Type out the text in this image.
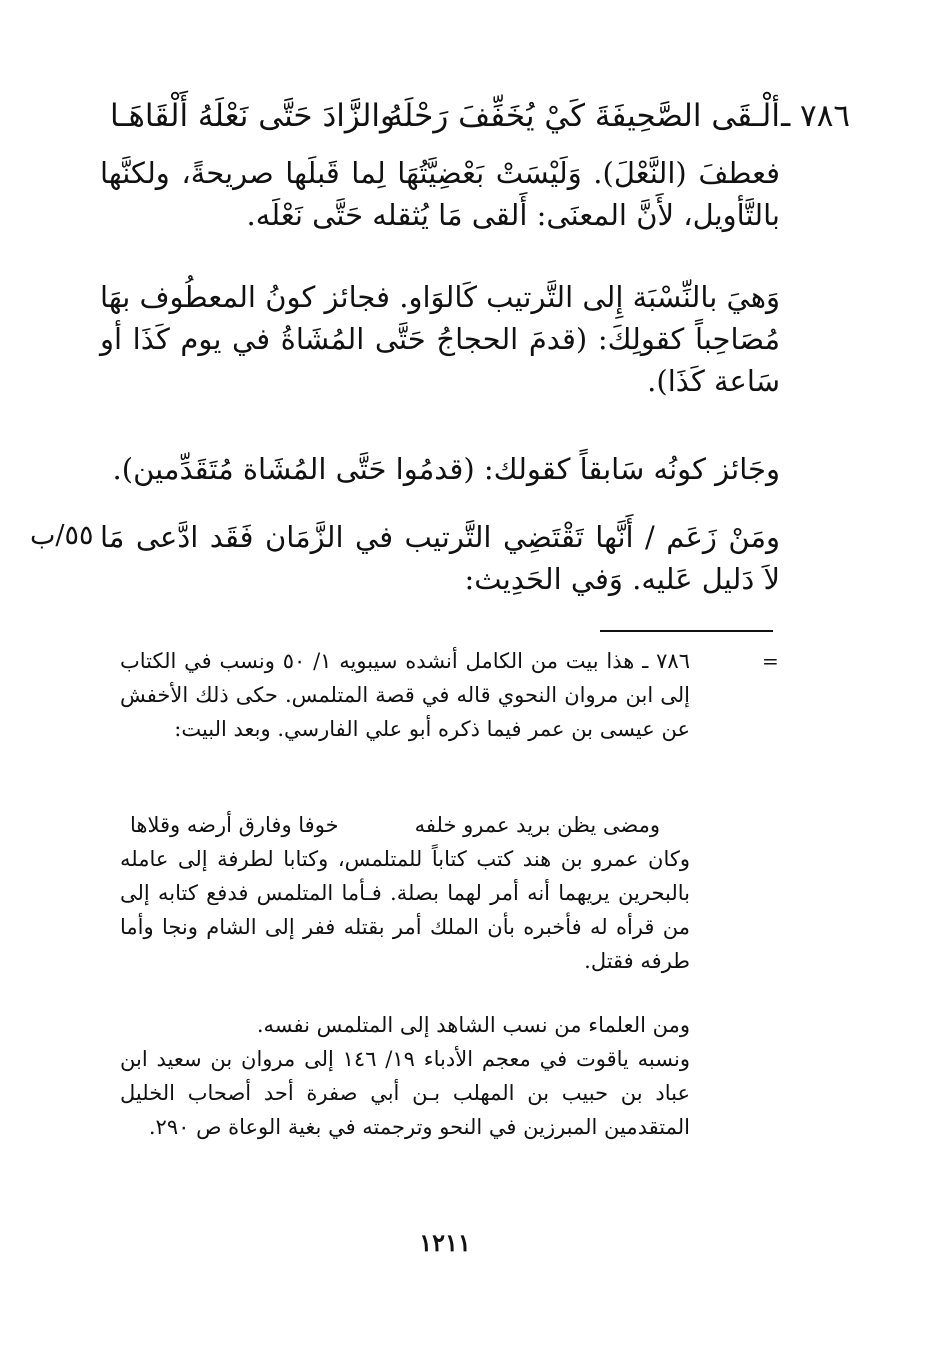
٧٨٦ ـ
ألْـقَى الصَّحِيفَةَ كَيْ يُخَفِّفَ رَحْلَهُ
والزَّادَ حَتَّى نَعْلَهُ أَلْقَاهَـا
فعطفَ (النَّعْلَ). وَلَيْسَتْ بَعْضِيَّتُهَا لِما قَبلَها صريحةً، ولكنَّها بالتَّأويل، لأَنَّ المعنَى: أَلقى مَا يُثقله حَتَّى نَعْلَه.
وَهيَ بالنِّسْبَة إِلى التَّرتيب كَالوَاو. فجائز كونُ المعطُوف بهَا مُصَاحِباً كقولِكَ: (قدمَ الحجاجُ حَتَّى المُشَاةُ في يوم كَذَا أو سَاعة كَذَا).
وجَائز كونُه سَابقاً كقولك: (قدمُوا حَتَّى المُشَاة مُتَقَدِّمين).
ومَنْ زَعَم / أَنَّها تَقْتَضِي التَّرتيب في الزَّمَان فَقَد ادَّعى مَا لاَ دَليل عَليه. وَفي الحَدِيث:
٥٥/ب
=
٧٨٦ ـ هذا بيت من الكامل أنشده سيبويه ١/ ٥٠ ونسب في الكتاب إلى ابن مروان النحوي قاله في قصة المتلمس. حكى ذلك الأخفش عن عيسى بن عمر فيما ذكره أبو علي الفارسي. وبعد البيت:
ومضى يظن بريد عمرو خلفه
خوفا وفارق أرضه وقلاها
وكان عمرو بن هند كتب كتاباً للمتلمس، وكتابا لطرفة إلى عامله بالبحرين يريهما أنه أمر لهما بصلة. فـأما المتلمس فدفع كتابه إلى من قرأه له فأخبره بأن الملك أمر بقتله ففر إلى الشام ونجا وأما طرفه فقتل.
ومن العلماء من نسب الشاهد إلى المتلمس نفسه.
ونسبه ياقوت في معجم الأدباء ١٩/ ١٤٦ إلى مروان بن سعيد ابن عباد بن حبيب بن المهلب بـن أبي صفرة أحد أصحاب الخليل المتقدمين المبرزين في النحو وترجمته في بغية الوعاة ص ٢٩٠.
١٢١١
